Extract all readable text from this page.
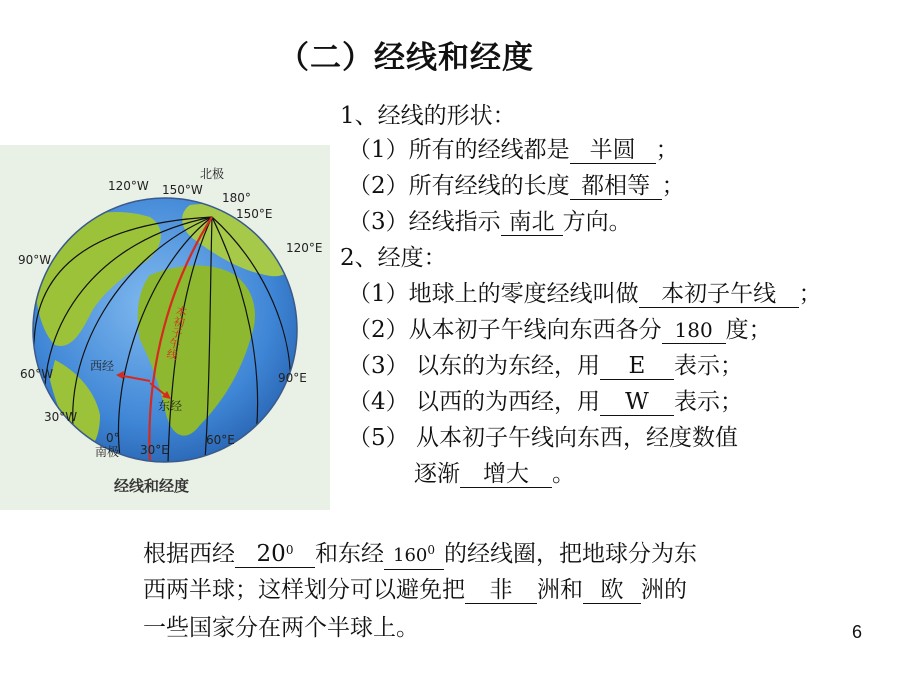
（二）经线和经度
1、经线的形状：
（1）所有的经线都是 半圆 ；
（2）所有经线的长度 都相等 ；
（3）经线指示 南北 方向。
2、经度：
（1）地球上的零度经线叫做 本初子午线 ；
（2）从本初子午线向东西各分 180 度；
（3） 以东的为东经，用 E 表示；
（4） 以西的为西经，用 W 表示；
（5） 从本初子午线向东西，经度数值
逐渐 增大 。
北极
120°W 150°W
180°
150°E
120°E
90°W
60°W
30°W
0°
30°E
60°E
90°E
南极
本初子午线
西经
东经
经线和经度
根据西经 $20^0$ 和东经 $160^0$ 的经线圈，把地球分为东
西两半球；这样划分可以避免把 非 洲和 欧 洲的
一些国家分在两个半球上。	6
